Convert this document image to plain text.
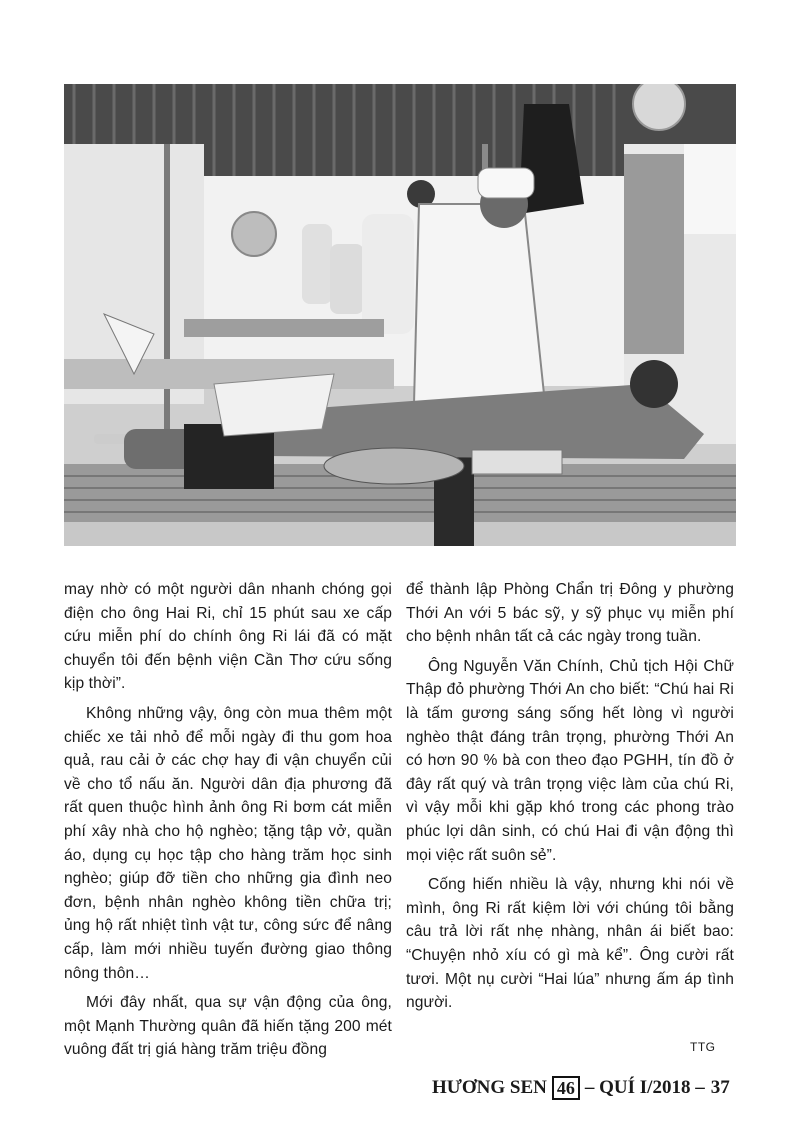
may nhờ có một người dân nhanh chóng gọi điện cho ông Hai Ri, chỉ 15 phút sau xe cấp cứu miễn phí do chính ông Ri lái đã có mặt chuyển tôi đến bệnh viện Cần Thơ cứu sống kịp thời”.

Không những vậy, ông còn mua thêm một chiếc xe tải nhỏ để mỗi ngày đi thu gom hoa quả, rau cải ở các chợ hay đi vận chuyển củi về cho tổ nấu ăn. Người dân địa phương đã rất quen thuộc hình ảnh ông Ri bơm cát miễn phí xây nhà cho hộ nghèo; tặng tập vở, quần áo, dụng cụ học tập cho hàng trăm học sinh nghèo; giúp đỡ tiền cho những gia đình neo đơn, bệnh nhân nghèo không tiền chữa trị; ủng hộ rất nhiệt tình vật tư, công sức để nâng cấp, làm mới nhiều tuyến đường giao thông nông thôn…

Mới đây nhất, qua sự vận động của ông, một Mạnh Thường quân đã hiến tặng 200 mét vuông đất trị giá hàng trăm triệu đồng

để thành lập Phòng Chẩn trị Đông y phường Thới An với 5 bác sỹ, y sỹ phục vụ miễn phí cho bệnh nhân tất cả các ngày trong tuần.

Ông Nguyễn Văn Chính, Chủ tịch Hội Chữ Thập đỏ phường Thới An cho biết: “Chú hai Ri là tấm gương sáng sống hết lòng vì người nghèo thật đáng trân trọng, phường Thới An có hơn 90 % bà con theo đạo PGHH, tín đồ ở đây rất quý và trân trọng việc làm của chú Ri, vì vậy mỗi khi gặp khó trong các phong trào phúc lợi dân sinh, có chú Hai đi vận động thì mọi việc rất suôn sẻ”.

Cống hiến nhiều là vậy, nhưng khi nói về mình, ông Ri rất kiệm lời với chúng tôi bằng câu trả lời rất nhẹ nhàng, nhân ái biết bao: “Chuyện nhỏ xíu có gì mà kể”. Ông cười rất tươi. Một nụ cười “Hai lúa” nhưng ấm áp tình người.

TTG
HƯƠNG SEN 46 – QUÍ I/2018 – 37
